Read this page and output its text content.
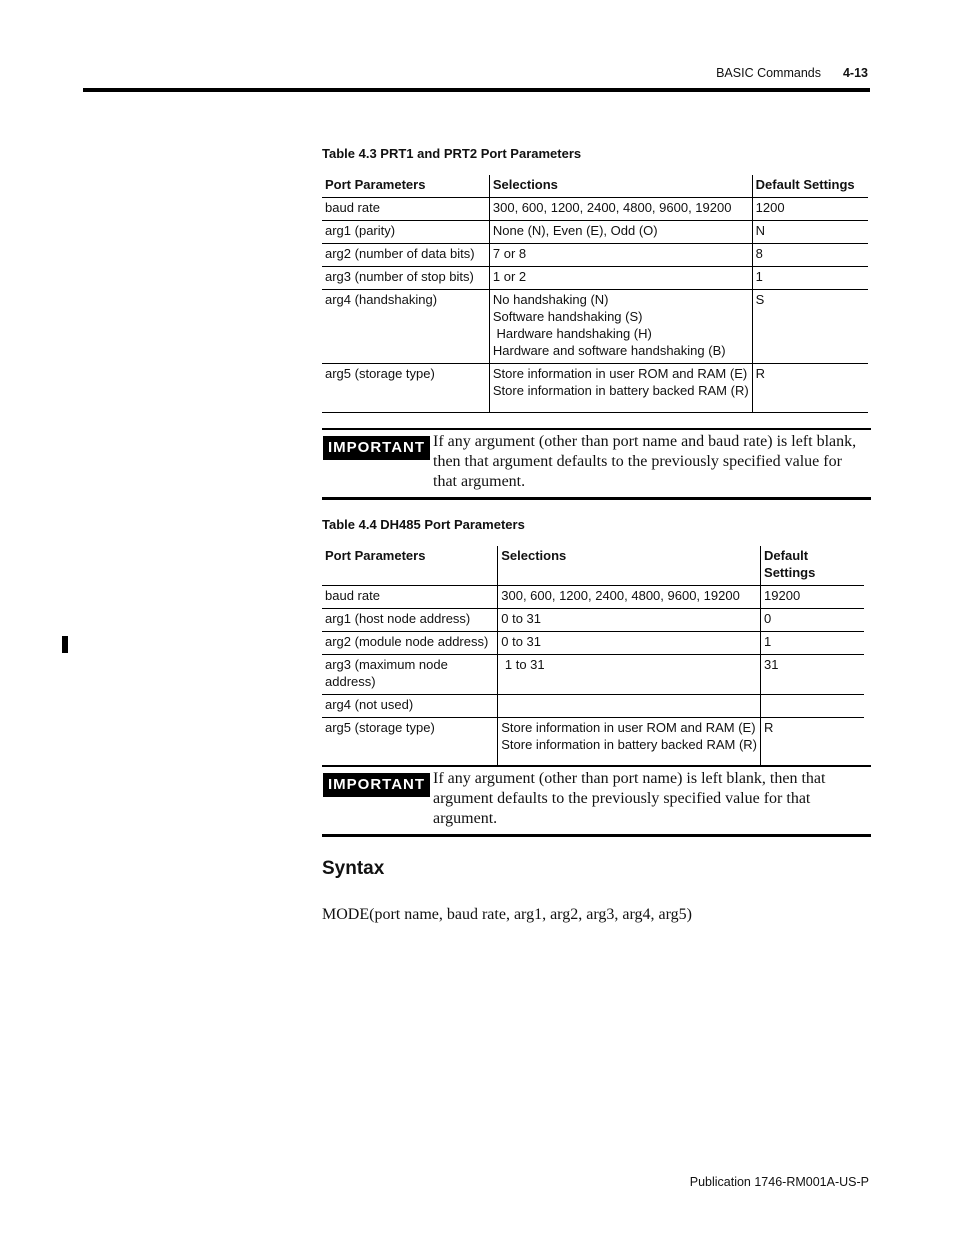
BASIC Commands 4-13
Table 4.3 PRT1 and PRT2 Port Parameters
Port Parameters	Selections	Default Settings
baud rate	300, 600, 1200, 2400, 4800, 9600, 19200	1200
arg1 (parity)	None (N), Even (E), Odd (O)	N
arg2 (number of data bits)	7 or 8	8
arg3 (number of stop bits)	1 or 2	1
arg4 (handshaking)	No handshaking (N)
Software handshaking (S)
Hardware handshaking (H)
Hardware and software handshaking (B)	S
arg5 (storage type)	Store information in user ROM and RAM (E)
Store information in battery backed RAM (R)	R
IMPORTANT If any argument (other than port name and baud rate) is left blank, then that argument defaults to the previously specified value for that argument.
Table 4.4 DH485 Port Parameters
Port Parameters	Selections	Default Settings
baud rate	300, 600, 1200, 2400, 4800, 9600, 19200	19200
arg1 (host node address)	0 to 31	0
arg2 (module node address)	0 to 31	1
arg3 (maximum node address)	1 to 31	31
arg4 (not used)	

arg5 (storage type)	Store information in user ROM and RAM (E)
Store information in battery backed RAM (R)	R
IMPORTANT If any argument (other than port name) is left blank, then that argument defaults to the previously specified value for that argument.
Syntax
MODE(port name, baud rate, arg1, arg2, arg3, arg4, arg5)
Publication 1746-RM001A-US-P
